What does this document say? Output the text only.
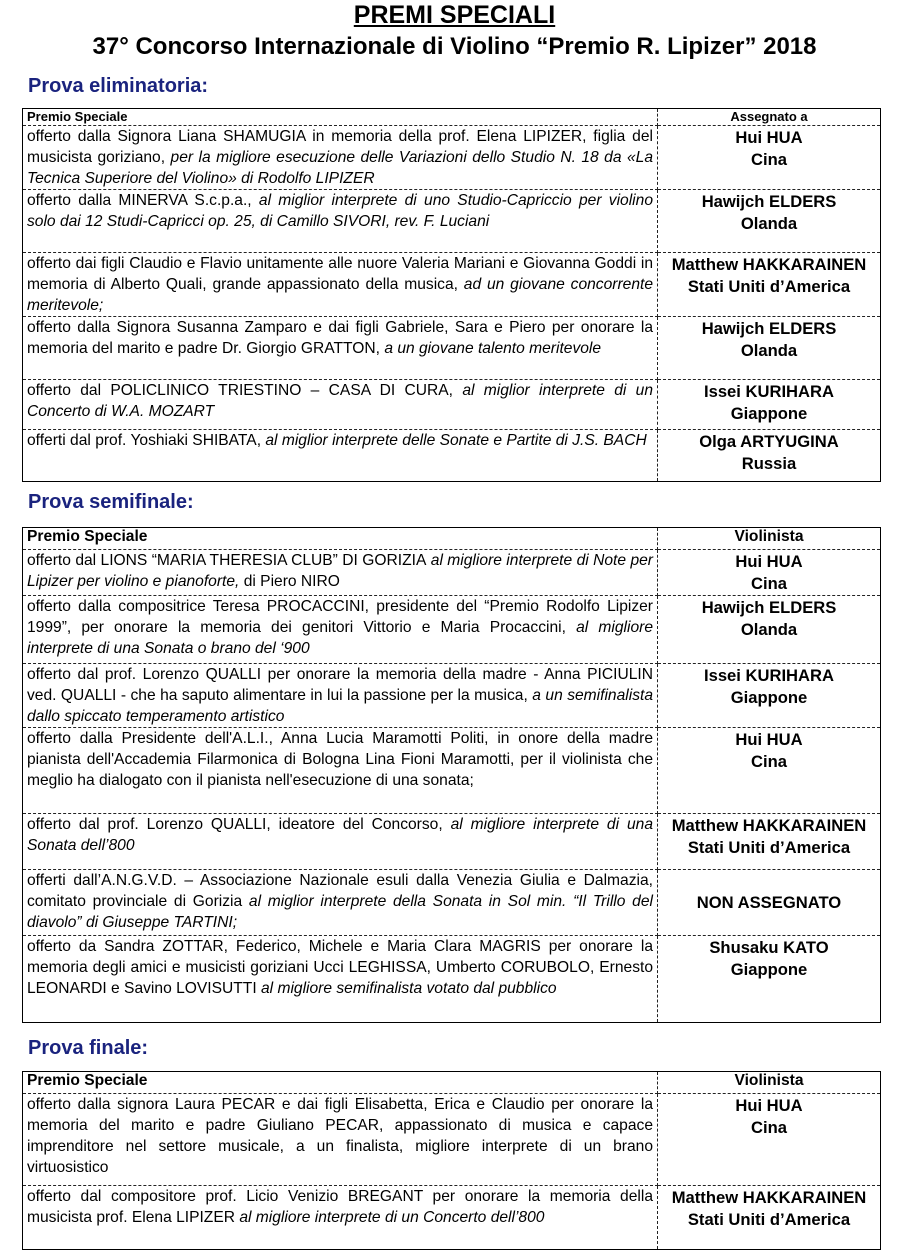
PREMI SPECIALI
37° Concorso Internazionale di Violino “Premio R. Lipizer” 2018
Prova eliminatoria:
Premio Speciale	Assegnato a
offerto dalla Signora Liana SHAMUGIA in memoria della prof. Elena LIPIZER, figlia del musicista goriziano, per la migliore esecuzione delle Variazioni dello Studio N. 18 da «La Tecnica Superiore del Violino» di Rodolfo LIPIZER	Hui HUA
Cina

offerto dalla MINERVA S.c.p.a., al miglior interprete di uno Studio-Capriccio per violino solo dai 12 Studi-Capricci op. 25, di Camillo SIVORI, rev. F. Luciani	Hawijch ELDERS
Olanda

offerto dai figli Claudio e Flavio unitamente alle nuore Valeria Mariani e Giovanna Goddi in memoria di Alberto Quali, grande appassionato della musica, ad un giovane concorrente meritevole;	Matthew HAKKARAINEN
Stati Uniti d’America

offerto dalla Signora Susanna Zamparo e dai figli Gabriele, Sara e Piero per onorare la memoria del marito e padre Dr. Giorgio GRATTON, a un giovane talento meritevole	Hawijch ELDERS
Olanda

offerto dal POLICLINICO TRIESTINO – CASA DI CURA, al miglior interprete di un Concerto di W.A. MOZART	Issei KURIHARA
Giappone

offerti dal prof. Yoshiaki SHIBATA, al miglior interprete delle Sonate e Partite di J.S. BACH	Olga ARTYUGINA
Russia
Prova semifinale:
Premio Speciale	Violinista
offerto dal LIONS “MARIA THERESIA CLUB” DI GORIZIA al migliore interprete di Note per Lipizer per violino e pianoforte, di Piero NIRO	Hui HUA
Cina

offerto dalla compositrice Teresa PROCACCINI, presidente del “Premio Rodolfo Lipizer 1999”, per onorare la memoria dei genitori Vittorio e Maria Procaccini, al migliore interprete di una Sonata o brano del ‘900	Hawijch ELDERS
Olanda

offerto dal prof. Lorenzo QUALLI per onorare la memoria della madre - Anna PICIULIN ved. QUALLI - che ha saputo alimentare in lui la passione per la musica, a un semifinalista dallo spiccato temperamento artistico	Issei KURIHARA
Giappone

offerto dalla Presidente dell'A.L.I., Anna Lucia Maramotti Politi, in onore della madre pianista dell'Accademia Filarmonica di Bologna Lina Fioni Maramotti, per il violinista che meglio ha dialogato con il pianista nell'esecuzione di una sonata;	Hui HUA
Cina

offerto dal prof. Lorenzo QUALLI, ideatore del Concorso, al migliore interprete di una Sonata dell’800	Matthew HAKKARAINEN
Stati Uniti d’America

offerti dall’A.N.G.V.D. – Associazione Nazionale esuli dalla Venezia Giulia e Dalmazia, comitato provinciale di Gorizia al miglior interprete della Sonata in Sol min. “Il Trillo del diavolo” di Giuseppe TARTINI;	NON ASSEGNATO

offerto da Sandra ZOTTAR, Federico, Michele e Maria Clara MAGRIS per onorare la memoria degli amici e musicisti goriziani Ucci LEGHISSA, Umberto CORUBOLO, Ernesto LEONARDI e Savino LOVISUTTI al migliore semifinalista votato dal pubblico	Shusaku KATO
Giappone
Prova finale:
Premio Speciale	Violinista
offerto dalla signora Laura PECAR e dai figli Elisabetta, Erica e Claudio per onorare la memoria del marito e padre Giuliano PECAR, appassionato di musica e capace imprenditore nel settore musicale, a un finalista, migliore interprete di un brano virtuosistico	Hui HUA
Cina

offerto dal compositore prof. Licio Venizio BREGANT per onorare la memoria della musicista prof. Elena LIPIZER al migliore interprete di un Concerto dell’800	Matthew HAKKARAINEN
Stati Uniti d’America
